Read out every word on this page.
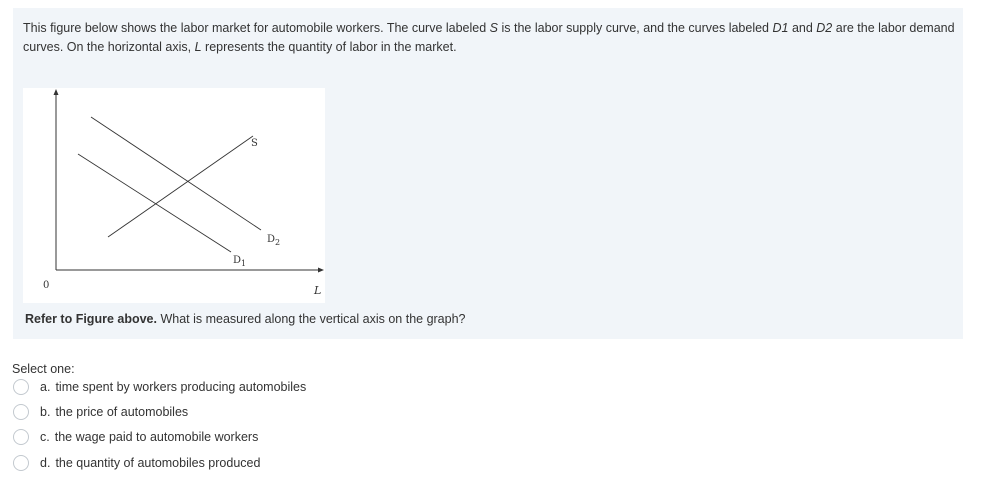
This figure below shows the labor market for automobile workers. The curve labeled S is the labor supply curve, and the curves labeled D1 and D2 are the labor demand curves. On the horizontal axis, L represents the quantity of labor in the market.
0	L
S
D 1
D 2
Refer to Figure above. What is measured along the vertical axis on the graph?
Select one:
a. time spent by workers producing automobiles
b. the price of automobiles
c. the wage paid to automobile workers
d. the quantity of automobiles produced
